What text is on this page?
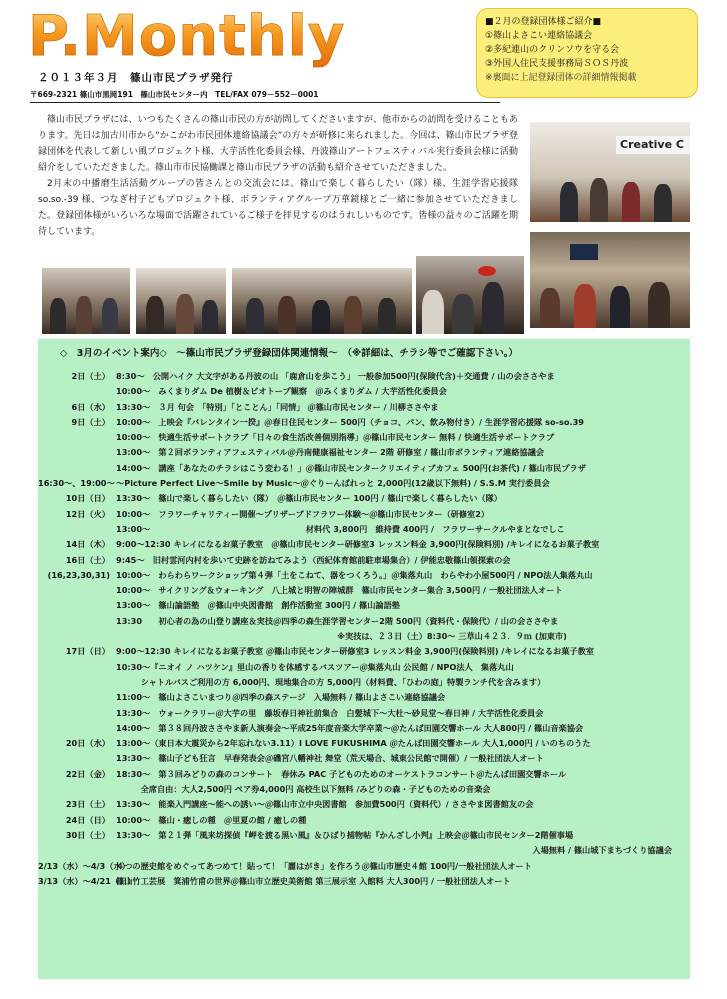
P.Monthly
２０１３年３月　篠山市民プラザ発行
〒669-2321 篠山市黒岡191　篠山市民センター内　TEL/FAX 079－552－0001
■２月の登録団体様ご紹介■
①篠山よさこい連絡協議会
②多紀連山のクリンソウを守る会
③外国人住民支援事務局ＳＯＳ丹波
※裏面に上記登録団体の詳細情報掲載

篠山市民プラザには、いつもたくさんの篠山市民の方が訪問してくださいますが、他市からの訪問を受けることもあります。先日は加古川市から“かこがわ市民団体連絡協議会”の方々が研修に来られました。今回は、篠山市民プラザ登録団体を代表して新しい風プロジェクト様、大芋活性化委員会様、丹波篠山アートフェスティバル実行委員会様に活動紹介をしていただきました。篠山市市民協働課と篠山市民プラザの活動も紹介させていただきました。

2月末の中播磨生活活動グループの皆さんとの交流会には、篠山で楽しく暮らしたい（隊）様、生涯学習応援隊 so.so.-39 様、つなぎ村子どもプロジェクト様、ボランティアグループ万華鏡様とご一緒に参加させていただきました。登録団体様がいろいろな場面で活躍されているご様子を拝見するのはうれしいものです。皆様の益々のご活躍を期待しています。

Creative C
◇　3月のイベント案内◇　～篠山市民プラザ登録団体関連情報～　（※詳細は、チラシ等でご確認下さい。）
2日（土） 8:30～　公開ハイク 大文字がある丹波の山 「鹿倉山を歩こう」 一般参加500円(保険代含)＋交通費 / 山の会ささやま
10:00～　みくまりダム De 植樹＆ビオトープ観察　＠みくまりダム / 大芋活性化委員会
6日（水） 13:30～　３月 句会　「特別」「とことん」「同情」 ＠篠山市民センター / 川柳ささやま
9日（土） 10:00～　上映会『バレンタイン一揆』＠春日住民センター 500円（チョコ、パン、飲み物付き）/ 生涯学習応援隊 so-so.39
10:00～　快適生活サポートクラブ「日々の食生活改善個別指導」＠篠山市民センター 無料 / 快適生活サポートクラブ
13:00～　第２回ボランティアフェスティバル＠丹南健康福祉センター 2階 研修室 / 篠山市ボランティア連絡協議会
14:00～　講座「あなたのチラシはこう変わる！」＠篠山市民センタークリエイティブカフェ 500円(お茶代) / 篠山市民プラザ
16:30～、19:00～ ～Picture Perfect Live～Smile by Music～＠ぐりーんばれっと 2,000円(12歳以下無料) / S.S.M 実行委員会
10日（日） 13:30～　篠山で楽しく暮らしたい（隊）　＠篠山市民センター 100円 / 篠山で楽しく暮らしたい（隊）
12日（火） 10:00～　フラワーチャリティー開催～プリザーブドフラワー体験～＠篠山市民センター（研修室2）
13:00～　　　　　　　　　　　　　　　　　　　材料代 3,800円　維持費 400円 /　フラワーサークルやまとなでしこ
14日（木） 9:00～12:30 キレイになるお菓子教室　＠篠山市民センター研修室3 レッスン料金 3,900円(保険料別) /キレイになるお菓子教室
16日（土） 9:45～　旧村雲河内村を歩いて史跡を訪ねてみよう（西紀体育館前駐車場集合）/ 伊能忠敬篠山領探索の会
(16,23,30,31) 10:00～　わらわらワークショップ第４弾「土をこねて、器をつくろう。」＠集落丸山　わらやわ小屋500円 / NPO法人集落丸山
10:00～　サイクリング＆ウォーキング　八上城と明智の陣城群　篠山市民センター集合 3,500円 / 一般社団法人オート
13:00～　篠山論語塾　＠篠山中央図書館　創作活動室 300円 / 篠山論語塾
13:30　　初心者の為の山登り講座＆実技＠四季の森生涯学習センター2階 500円（資料代・保険代）/ 山の会ささやま
　　　　　　　　　　　　　　　　　　　　　　　　　　　※実技は、２３日（土）8:30～ 三草山４２３．９ｍ (加東市)
17日（日） 9:00～12:30 キレイになるお菓子教室 ＠篠山市民センター研修室3 レッスン料金 3,900円(保険料別) /キレイになるお菓子教室
10:30～『ニオイ ノ ハツケン』里山の香りを体感するバスツアー＠集落丸山 公民館 / NPO法人　集落丸山
　　　シャトルバスご利用の方 6,000円、現地集合の方 5,000円（材料費、「ひわの庭」特製ランチ代を含みます）
11:00～　篠山よさこいまつり＠四季の森ステージ　入場無料 / 篠山よさこい連絡協議会
13:30～　ウォークラリー＠大芋の里　藤坂春日神社前集合　白髪城下～大杜～砂見堂～春日神 / 大芋活性化委員会
14:00～　第３８回丹波ささやま新人演奏会～平成25年度音楽大学卒業～＠たんば田園交響ホール 大人800円 / 篠山音楽協会
20日（水） 13:00～（東日本大震災から2年忘れない3.11）I LOVE FUKUSHIMA ＠たんば田園交響ホール 大人1,000円 / いのちのうた
13:30～　篠山子ども狂言　早春発表会＠磯宮八幡神社 舞堂（荒天場合、城東公民館で開催）/ 一般社団法人オート
22日（金） 18:30～　第３回みどりの森のコンサート　春休み PAC 子どものためのオーケストラコンサート＠たんば田園交響ホール
　　　全席自由：大人2,500円 ペア券4,000円 高校生以下無料 /みどりの森・子どものための音楽会
23日（土） 13:30～　能楽入門講座～能への誘い～＠篠山市立中央図書館　参加費500円（資料代）/ ささやま図書館友の会
24日（日） 10:00～　篠山・癒しの種　＠里夏の館 / 癒しの種
30日（土） 13:30～　第２１弾「風来坊探偵『岬を渡る黒い風』＆ひばり捕物帖『かんざし小判』上映会＠篠山市民センター2階催事場
入場無料 / 篠山城下まちづくり協議会
2/13（水）～4/3（水）
４つの歴史館をめぐってあつめて！貼って！「麗はがき」を作ろう＠篠山市歴史４館 100円/一般社団法人オート
3/13（水）～4/21（日）
篠山竹工芸展　箕浦竹甫の世界＠篠山市立歴史美術館 第三展示室 入館料 大人300円 / 一般社団法人オート
